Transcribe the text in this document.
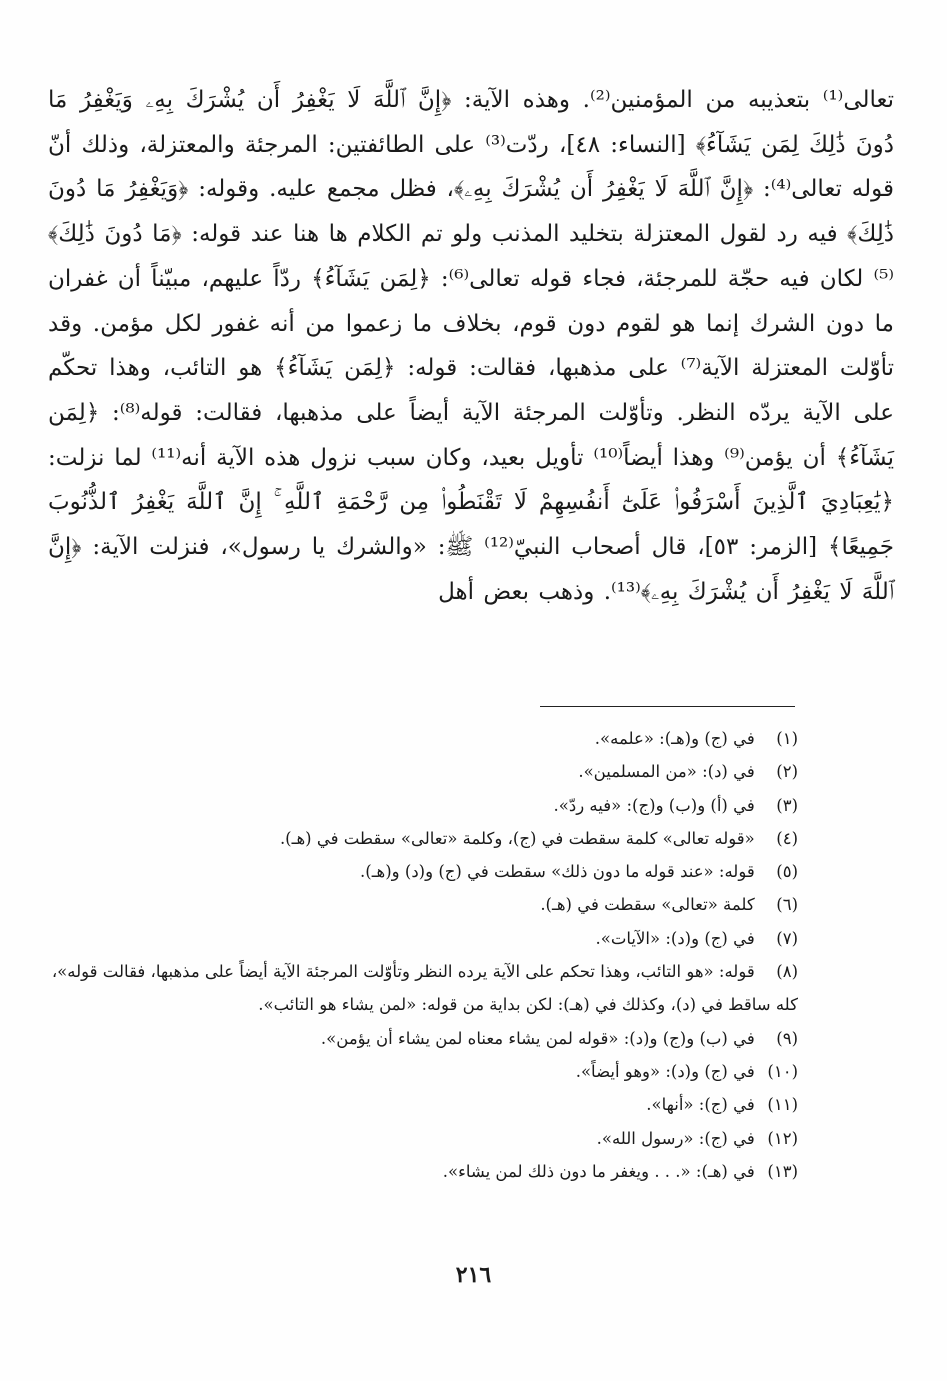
تعالى⁽¹⁾ بتعذيبه من المؤمنين⁽²⁾. وهذه الآية: ﴿إِنَّ ٱللَّهَ لَا يَغْفِرُ أَن يُشْرَكَ بِهِۦ وَيَغْفِرُ مَا دُونَ ذَٰلِكَ لِمَن يَشَآءُ﴾ [النساء: ٤٨]، ردّت⁽³⁾ على الطائفتين: المرجئة والمعتزلة، وذلك أنّ قوله تعالى⁽⁴⁾: ﴿إِنَّ ٱللَّهَ لَا يَغْفِرُ أَن يُشْرَكَ بِهِۦ﴾، فظل مجمع عليه. وقوله: ﴿وَيَغْفِرُ مَا دُونَ ذَٰلِكَ﴾ فيه رد لقول المعتزلة بتخليد المذنب ولو تم الكلام ها هنا عند قوله: ﴿مَا دُونَ ذَٰلِكَ﴾⁽⁵⁾ لكان فيه حجّة للمرجئة، فجاء قوله تعالى⁽⁶⁾: ﴿لِمَن يَشَآءُ﴾ ردّاً عليهم، مبيّناً أن غفران ما دون الشرك إنما هو لقوم دون قوم، بخلاف ما زعموا من أنه غفور لكل مؤمن. وقد تأوّلت المعتزلة الآية⁽⁷⁾ على مذهبها، فقالت: قوله: ﴿لِمَن يَشَآءُ﴾ هو التائب، وهذا تحكّم على الآية يردّه النظر. وتأوّلت المرجئة الآية أيضاً على مذهبها، فقالت: قوله⁽⁸⁾: ﴿لِمَن يَشَآءُ﴾ أن يؤمن⁽⁹⁾ وهذا أيضاً⁽¹⁰⁾ تأويل بعيد، وكان سبب نزول هذه الآية أنه⁽¹¹⁾ لما نزلت: ﴿يَٰعِبَادِيَ ٱلَّذِينَ أَسْرَفُوا۟ عَلَىٰٓ أَنفُسِهِمْ لَا تَقْنَطُوا۟ مِن رَّحْمَةِ ٱللَّهِ ۚ إِنَّ ٱللَّهَ يَغْفِرُ ٱلذُّنُوبَ جَمِيعًا﴾ [الزمر: ٥٣]، قال أصحاب النبيّ⁽¹²⁾ ﷺ: «والشرك يا رسول»، فنزلت الآية: ﴿إِنَّ ٱللَّهَ لَا يَغْفِرُ أَن يُشْرَكَ بِهِۦ﴾⁽¹³⁾. وذهب بعض أهل

(١) في (ج) و(هـ): «علمه».
(٢) في (د): «من المسلمين».
(٣) في (أ) و(ب) و(ج): «فيه ردّ».
(٤) «قوله تعالى» كلمة سقطت في (ج)، وكلمة «تعالى» سقطت في (هـ).
(٥) قوله: «عند قوله ما دون ذلك» سقطت في (ج) و(د) و(هـ).
(٦) كلمة «تعالى» سقطت في (هـ).
(٧) في (ج) و(د): «الآيات».
(٨) قوله: «هو التائب، وهذا تحكم على الآية يرده النظر وتأوّلت المرجئة الآية أيضاً على مذهبها، فقالت قوله»، كله ساقط في (د)، وكذلك في (هـ): لكن بداية من قوله: «لمن يشاء هو التائب».
(٩) في (ب) و(ج) و(د): «قوله لمن يشاء معناه لمن يشاء أن يؤمن».
(١٠) في (ج) و(د): «وهو أيضاً».
(١١) في (ج): «أنها».
(١٢) في (ج): «رسول الله».
(١٣) في (هـ): «. . . ويغفر ما دون ذلك لمن يشاء».
٢١٦
